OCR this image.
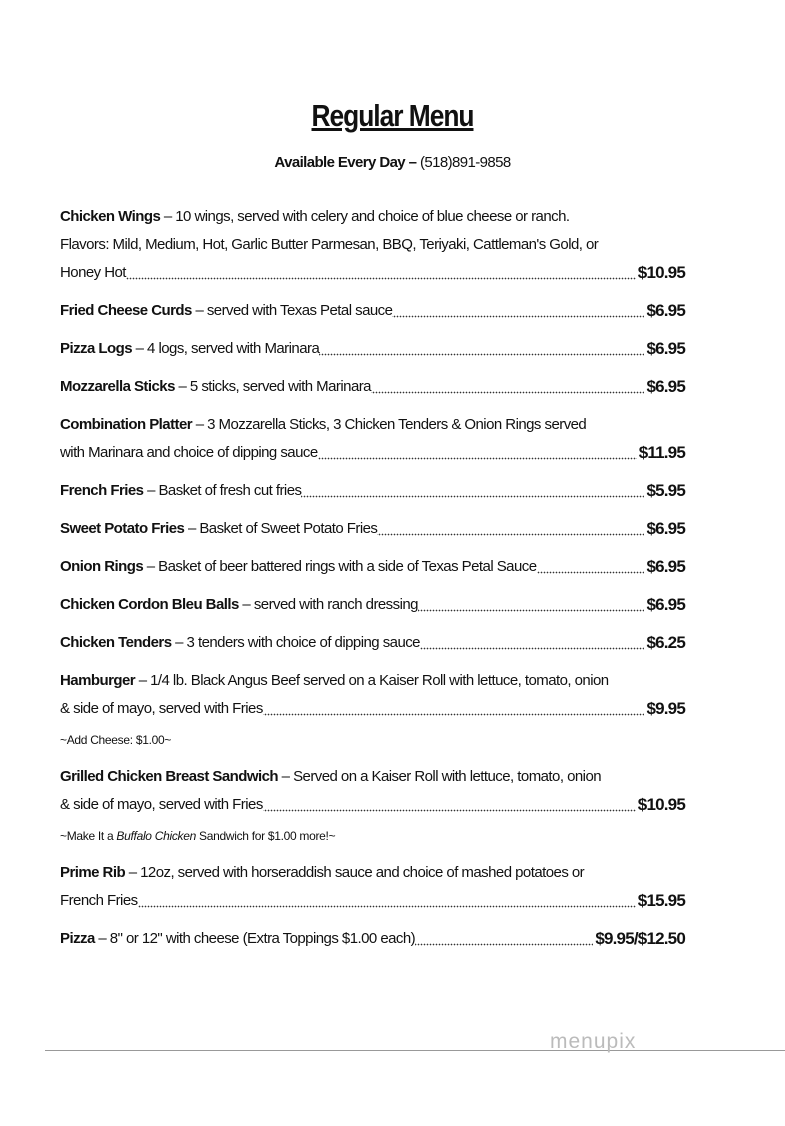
Regular Menu
Available Every Day – (518)891-9858
Chicken Wings – 10 wings, served with celery and choice of blue cheese or ranch. Flavors: Mild, Medium, Hot, Garlic Butter Parmesan, BBQ, Teriyaki, Cattleman's Gold, or Honey Hot	$10.95
Fried Cheese Curds – served with Texas Petal sauce	$6.95
Pizza Logs – 4 logs, served with Marinara	$6.95
Mozzarella Sticks – 5 sticks, served with Marinara	$6.95
Combination Platter – 3 Mozzarella Sticks, 3 Chicken Tenders & Onion Rings served with Marinara and choice of dipping sauce	$11.95
French Fries – Basket of fresh cut fries	$5.95
Sweet Potato Fries – Basket of Sweet Potato Fries	$6.95
Onion Rings – Basket of beer battered rings with a side of Texas Petal Sauce	$6.95
Chicken Cordon Bleu Balls – served with ranch dressing	$6.95
Chicken Tenders – 3 tenders with choice of dipping sauce	$6.25
Hamburger – 1/4 lb. Black Angus Beef served on a Kaiser Roll with lettuce, tomato, onion & side of mayo, served with Fries	$9.95
~Add Cheese: $1.00~
Grilled Chicken Breast Sandwich – Served on a Kaiser Roll with lettuce, tomato, onion & side of mayo, served with Fries	$10.95
~Make It a Buffalo Chicken Sandwich for $1.00 more!~
Prime Rib – 12oz, served with horseraddish sauce and choice of mashed potatoes or French Fries	$15.95
Pizza – 8" or 12" with cheese (Extra Toppings $1.00 each)	$9.95/$12.50
menupix
